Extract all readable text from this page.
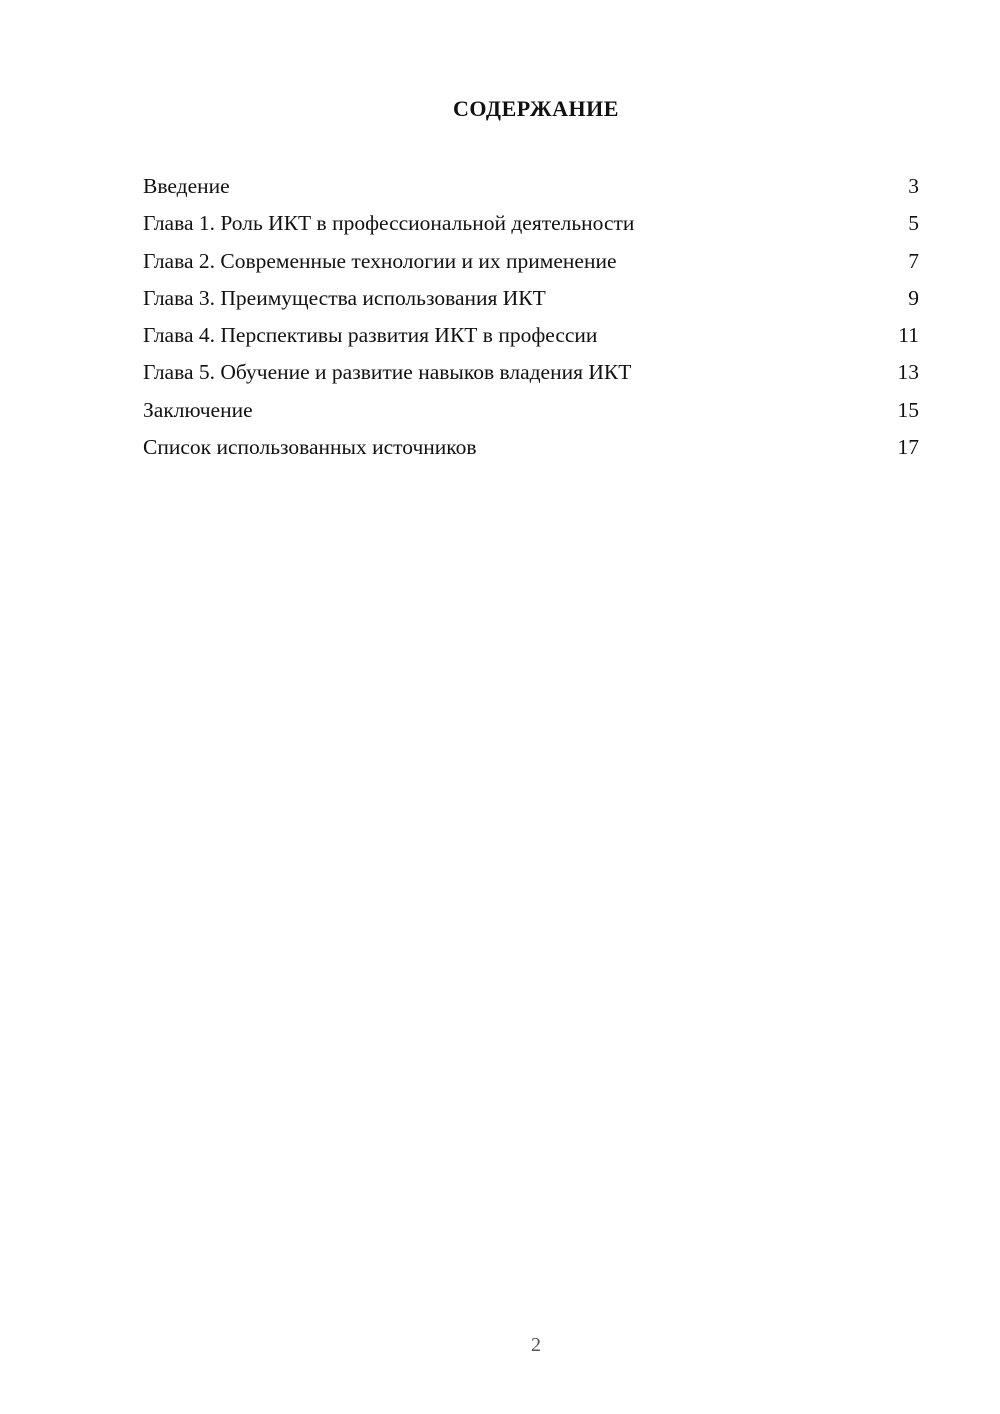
СОДЕРЖАНИЕ
Введение	3
Глава 1. Роль ИКТ в профессиональной деятельности	5
Глава 2. Современные технологии и их применение	7
Глава 3. Преимущества использования ИКТ	9
Глава 4. Перспективы развития ИКТ в профессии	11
Глава 5. Обучение и развитие навыков владения ИКТ	13
Заключение	15
Список использованных источников	17
2
